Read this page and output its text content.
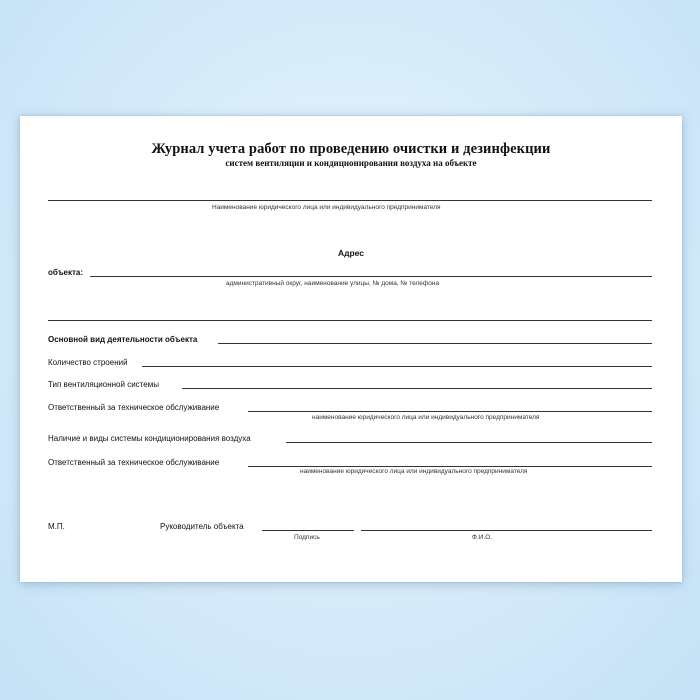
Журнал учета работ по проведению очистки и дезинфекции
систем вентиляции и кондиционирования воздуха на объекте
Наименование юридического лица или индивидуального предпринимателя
Адрес
объекта:
административный округ, наименование улицы, № дома, № телефона
Основной вид деятельности объекта
Количество строений
Тип вентиляционной системы
Ответственный за техническое обслуживание
наименование юридического лица или индивидуального предпринимателя
Наличие и виды системы кондиционирования воздуха
Ответственный за техническое обслуживание
наименование юридического лица или индивидуального предпринимателя
М.П.	Руководитель объекта
Подпись	Ф.И.О.
